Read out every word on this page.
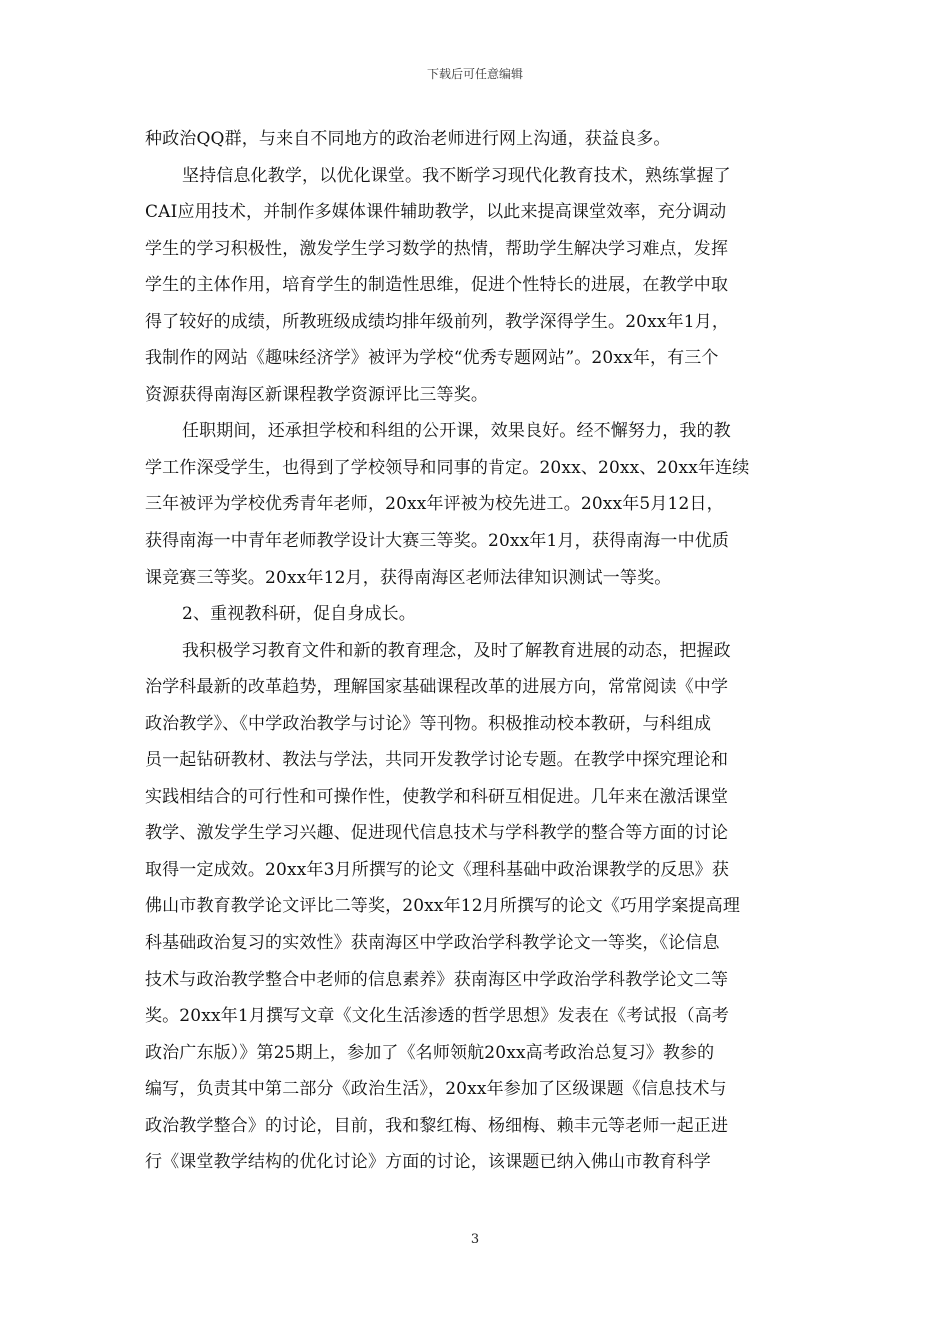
下载后可任意编辑
种政治QQ群，与来自不同地方的政治老师进行网上沟通，获益良多。
坚持信息化教学，以优化课堂。我不断学习现代化教育技术，熟练掌握了
CAI应用技术，并制作多媒体课件辅助教学，以此来提高课堂效率，充分调动
学生的学习积极性，激发学生学习数学的热情，帮助学生解决学习难点，发挥
学生的主体作用，培育学生的制造性思维，促进个性特长的进展，在教学中取
得了较好的成绩，所教班级成绩均排年级前列，教学深得学生。20xx年1月，
我制作的网站《趣味经济学》被评为学校“优秀专题网站”。20xx年，有三个
资源获得南海区新课程教学资源评比三等奖。
任职期间，还承担学校和科组的公开课，效果良好。经不懈努力，我的教
学工作深受学生，也得到了学校领导和同事的肯定。20xx、20xx、20xx年连续
三年被评为学校优秀青年老师，20xx年评被为校先进工。20xx年5月12日，
获得南海一中青年老师教学设计大赛三等奖。20xx年1月，获得南海一中优质
课竞赛三等奖。20xx年12月，获得南海区老师法律知识测试一等奖。
2、重视教科研，促自身成长。
我积极学习教育文件和新的教育理念，及时了解教育进展的动态，把握政
治学科最新的改革趋势，理解国家基础课程改革的进展方向，常常阅读《中学
政治教学》、《中学政治教学与讨论》等刊物。积极推动校本教研，与科组成
员一起钻研教材、教法与学法，共同开发教学讨论专题。在教学中探究理论和
实践相结合的可行性和可操作性，使教学和科研互相促进。几年来在激活课堂
教学、激发学生学习兴趣、促进现代信息技术与学科教学的整合等方面的讨论
取得一定成效。20xx年3月所撰写的论文《理科基础中政治课教学的反思》获
佛山市教育教学论文评比二等奖，20xx年12月所撰写的论文《巧用学案提高理
科基础政治复习的实效性》获南海区中学政治学科教学论文一等奖，《论信息
技术与政治教学整合中老师的信息素养》获南海区中学政治学科教学论文二等
奖。20xx年1月撰写文章《文化生活渗透的哲学思想》发表在《考试报（高考
政治广东版）》第25期上，参加了《名师领航20xx高考政治总复习》教参的
编写，负责其中第二部分《政治生活》，20xx年参加了区级课题《信息技术与
政治教学整合》的讨论，目前，我和黎红梅、杨细梅、赖丰元等老师一起正进
行《课堂教学结构的优化讨论》方面的讨论，该课题已纳入佛山市教育科学
3
